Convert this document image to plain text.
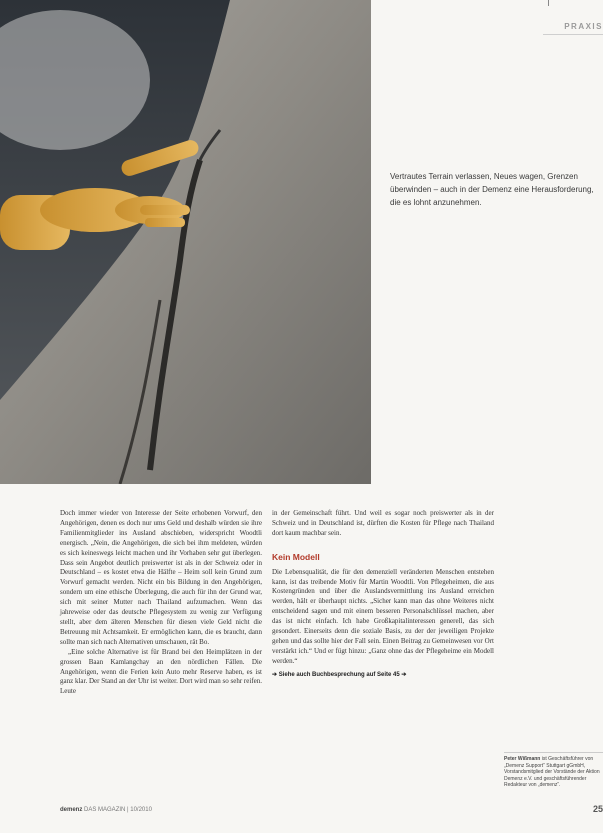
PRAXIS
Vertrautes Terrain verlassen, Neues wagen, Grenzen überwinden – auch in der Demenz eine Herausforderung, die es lohnt anzunehmen.

Doch immer wieder von Interesse der Seite erhobenen Vorwurf, den Angehörigen, denen es doch nur ums Geld und deshalb würden sie ihre Familienmitglieder ins Ausland abschieben, widerspricht Woodtli energisch. „Nein, die Angehörigen, die sich bei ihm meldeten, würden es sich keineswegs leicht machen und ihr Vorhaben sehr gut überlegen. Dass sein Angebot deutlich preiswerter ist als in der Schweiz oder in Deutschland – es kostet etwa die Hälfte – Heim soll kein Grund zum Vorwurf gemacht werden. Nicht ein bis Bildung in den Angehörigen, sondern um eine ethische Überlegung, die auch für ihn der Grund war, sich mit seiner Mutter nach Thailand aufzumachen. Wenn das jahreweise oder das deutsche Pflegesystem zu wenig zur Verfügung stellt, aber dem älteren Menschen für diesen viele Geld nicht die Betreuung mit Achtsamkeit. Er ermöglichen kann, die es braucht, dann sollte man sich nach Alternativen umschauen, rät Bo.

„Eine solche Alternative ist für Brand bei den Heimplätzen in der grossen Baan Kamlangchay an den nördlichen Fällen. Die Angehörigen, wenn die Ferien kein Auto mehr Reserve haben, es ist ganz klar. Der Stand an der Uhr ist weiter. Dort wird man so sehr reifen. Leute

in der Gemeinschaft führt. Und weil es sogar noch preiswerter als in der Schweiz und in Deutschland ist, dürften die Kosten für Pflege nach Thailand dort kaum machbar sein.

Kein Modell

Die Lebensqualität, die für den demenziell veränderten Menschen entstehen kann, ist das treibende Motiv für Martin Woodtli. Von Pflegeheimen, die aus Kostengründen und über die Auslandsvermittlung ins Ausland erreichen werden, hält er überhaupt nichts. „Sicher kann man das ohne Weiteres nicht entscheidend sagen und mit einem besseren Personalschlüssel machen, aber das ist nicht einfach. Ich habe Großkapitalinteressen generell, das sich gesondert. Einerseits denn die soziale Basis, zu der der jeweiligen Projekte gehen und das sollte hier der Fall sein. Einen Beitrag zu Gemeinwesen vor Ort verstärkt ich.“ Und er fügt hinzu: „Ganz ohne das der Pflegeheime ein Modell werden.“

➔ Siehe auch Buchbesprechung auf Seite 45 ➔
Peter Wißmann ist Geschäftsführer von „Demenz Support“ Stuttgart gGmbH, Vorstandsmitglied der Vorstände der Aktion Demenz e.V. und geschäftsführender Redakteur von „demenz“.
demenz DAS MAGAZIN | 10/2010	25
